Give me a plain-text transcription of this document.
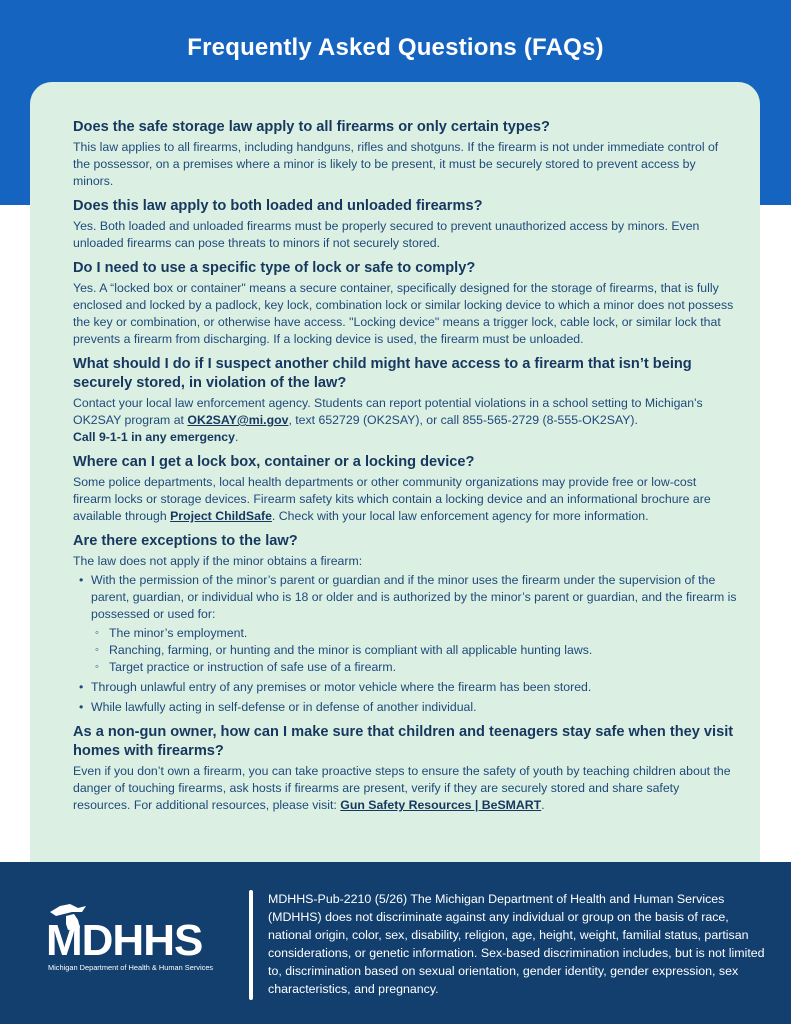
Frequently Asked Questions (FAQs)
Does the safe storage law apply to all firearms or only certain types?

This law applies to all firearms, including handguns, rifles and shotguns. If the firearm is not under immediate control of the possessor, on a premises where a minor is likely to be present, it must be securely stored to prevent access by minors.

Does this law apply to both loaded and unloaded firearms?

Yes. Both loaded and unloaded firearms must be properly secured to prevent unauthorized access by minors. Even unloaded firearms can pose threats to minors if not securely stored.

Do I need to use a specific type of lock or safe to comply?

Yes. A “locked box or container" means a secure container, specifically designed for the storage of firearms, that is fully enclosed and locked by a padlock, key lock, combination lock or similar locking device to which a minor does not possess the key or combination, or otherwise have access. "Locking device" means a trigger lock, cable lock, or similar lock that prevents a firearm from discharging. If a locking device is used, the firearm must be unloaded.

What should I do if I suspect another child might have access to a firearm that isn’t being securely stored, in violation of the law?

Contact your local law enforcement agency. Students can report potential violations in a school setting to Michigan's OK2SAY program at OK2SAY@mi.gov, text 652729 (OK2SAY), or call 855-565-2729 (8-555-OK2SAY).
Call 9-1-1 in any emergency.

Where can I get a lock box, container or a locking device?

Some police departments, local health departments or other community organizations may provide free or low-cost firearm locks or storage devices. Firearm safety kits which contain a locking device and an informational brochure are available through Project ChildSafe. Check with your local law enforcement agency for more information.

Are there exceptions to the law?

The law does not apply if the minor obtains a firearm:

• With the permission of the minor’s parent or guardian and if the minor uses the firearm under the supervision of the parent, guardian, or individual who is 18 or older and is authorized by the minor’s parent or guardian, and the firearm is possessed or used for:
◦ The minor’s employment.
◦ Ranching, farming, or hunting and the minor is compliant with all applicable hunting laws.
◦ Target practice or instruction of safe use of a firearm.
• Through unlawful entry of any premises or motor vehicle where the firearm has been stored.
• While lawfully acting in self-defense or in defense of another individual.
As a non-gun owner, how can I make sure that children and teenagers stay safe when they visit homes with firearms?

Even if you don’t own a firearm, you can take proactive steps to ensure the safety of youth by teaching children about the danger of touching firearms, ask hosts if firearms are present, verify if they are securely stored and share safety resources. For additional resources, please visit: Gun Safety Resources | BeSMART.

MDHHS
Michigan Department of Health & Human Services

MDHHS-Pub-2210 (5/26) The Michigan Department of Health and Human Services (MDHHS) does not discriminate against any individual or group on the basis of race, national origin, color, sex, disability, religion, age, height, weight, familial status, partisan considerations, or genetic information. Sex-based discrimination includes, but is not limited to, discrimination based on sexual orientation, gender identity, gender expression, sex characteristics, and pregnancy.
